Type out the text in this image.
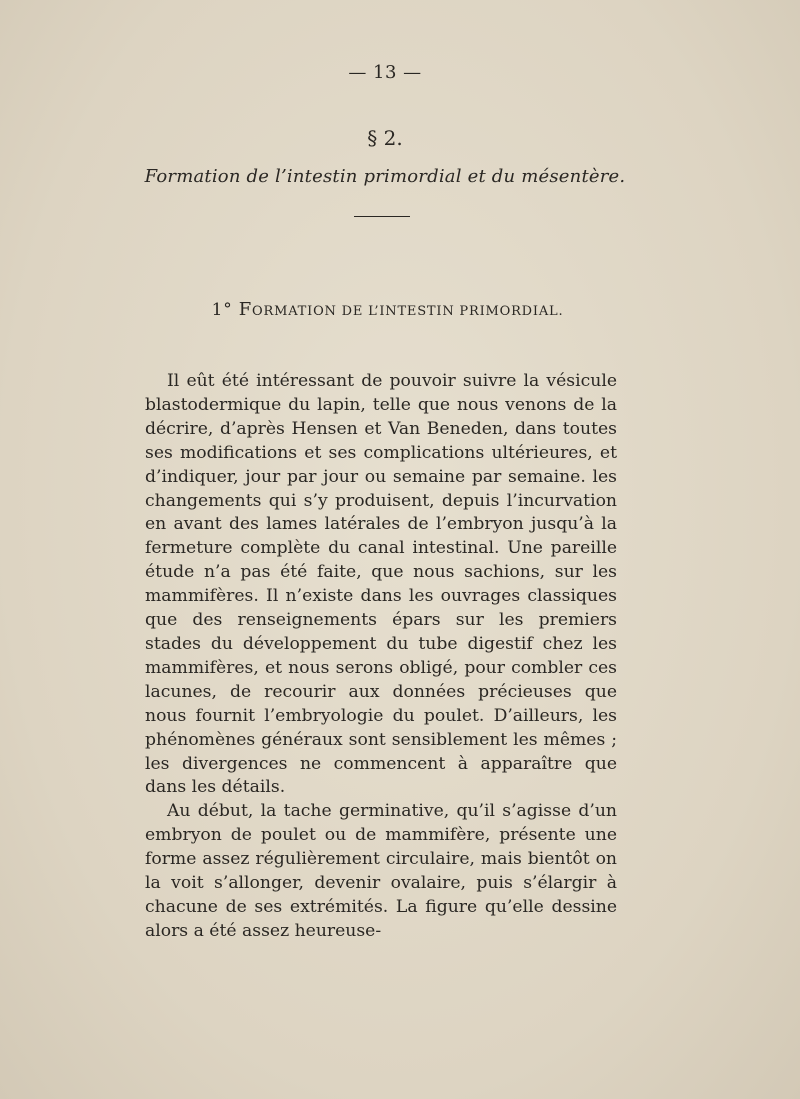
— 13 —
§ 2.
Formation de l’intestin primordial et du mésentère.
1° FORMATION DE L’INTESTIN PRIMORDIAL.

Il eût été intéressant de pouvoir suivre la vésicule blastodermique du lapin, telle que nous venons de la décrire, d’après Hensen et Van Beneden, dans toutes ses modifications et ses complications ultérieures, et d’indiquer, jour par jour ou semaine par semaine. les changements qui s’y produisent, depuis l’incurvation en avant des lames latérales de l’embryon jusqu’à la fermeture complète du canal intestinal. Une pareille étude n’a pas été faite, que nous sachions, sur les mammifères. Il n’existe dans les ouvrages classiques que des renseignements épars sur les premiers stades du développement du tube digestif chez les mammifères, et nous serons obligé, pour combler ces lacunes, de recourir aux données précieuses que nous fournit l’embryologie du poulet. D’ailleurs, les phénomènes généraux sont sensiblement les mêmes ; les divergences ne commencent à apparaître que dans les détails.

Au début, la tache germinative, qu’il s’agisse d’un embryon de poulet ou de mammifère, présente une forme assez régulièrement circulaire, mais bientôt on la voit s’allonger, devenir ovalaire, puis s’élargir à chacune de ses extrémités. La figure qu’elle dessine alors a été assez heureuse-
